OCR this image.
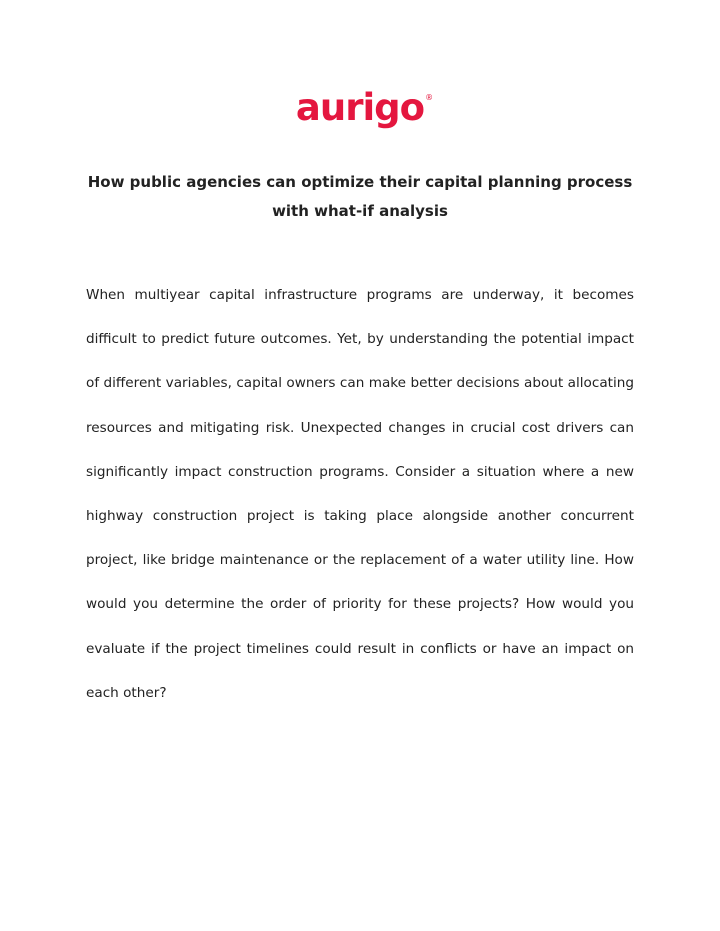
aurigo ®
How public agencies can optimize their capital planning process with what-if analysis

When multiyear capital infrastructure programs are underway, it becomes difficult to predict future outcomes. Yet, by understanding the potential impact of different variables, capital owners can make better decisions about allocating resources and mitigating risk. Unexpected changes in crucial cost drivers can significantly impact construction programs. Consider a situation where a new highway construction project is taking place alongside another concurrent project, like bridge maintenance or the replacement of a water utility line. How would you determine the order of priority for these projects? How would you evaluate if the project timelines could result in conflicts or have an impact on each other?
